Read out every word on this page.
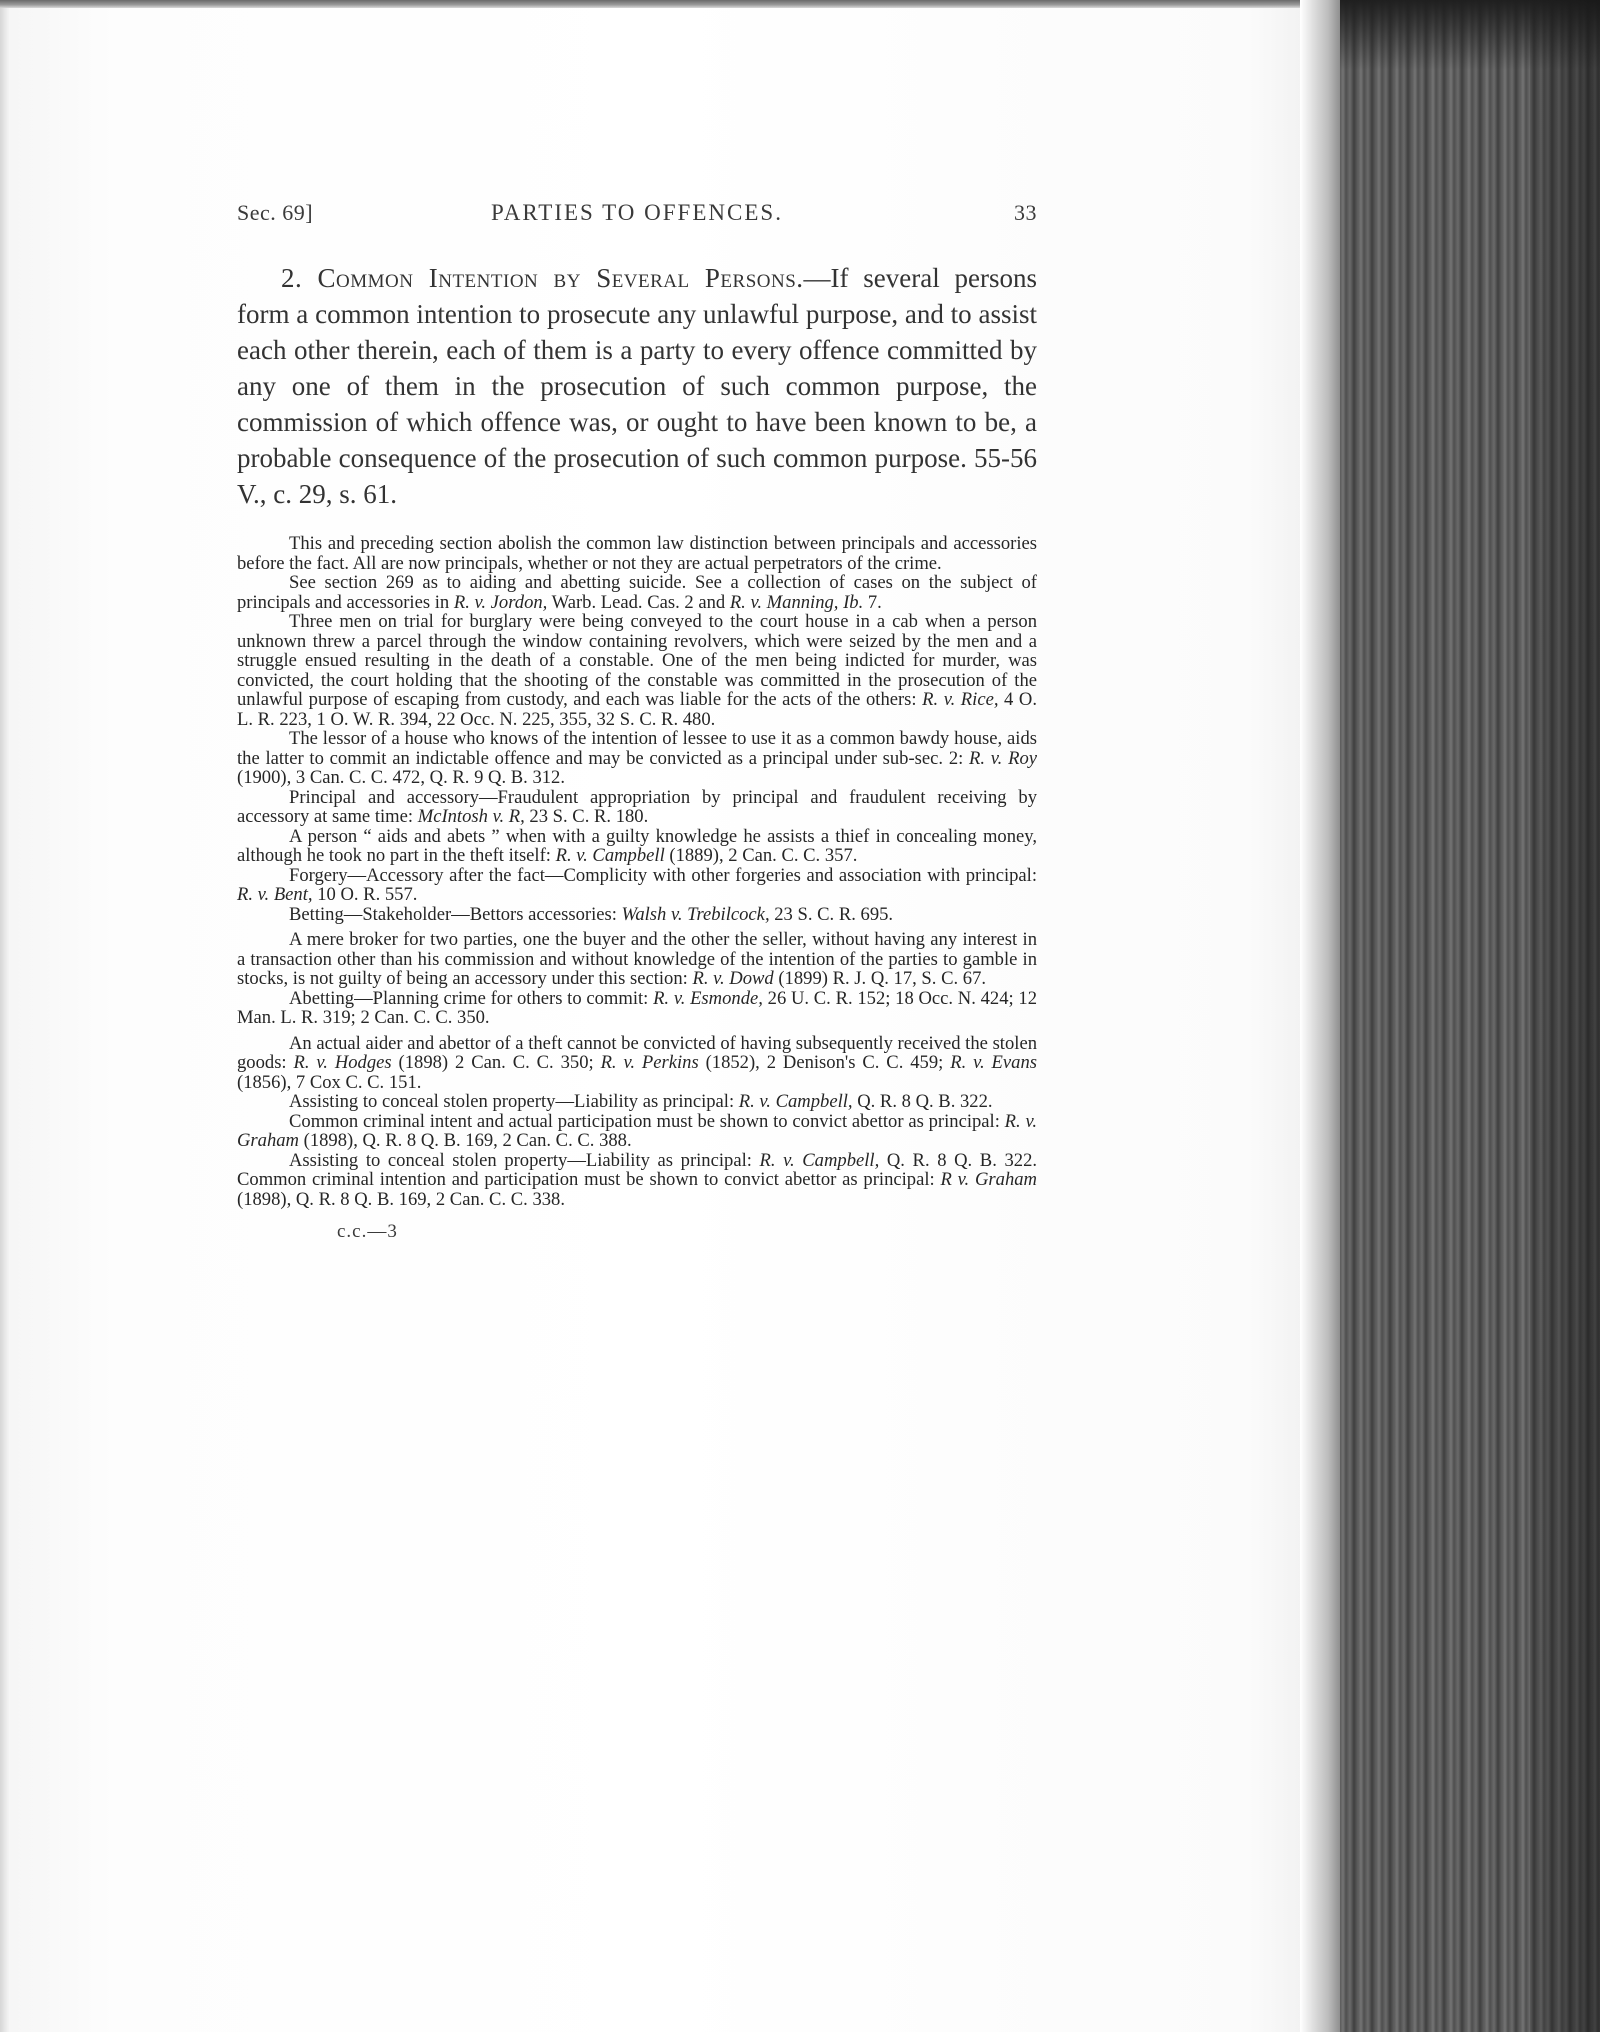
Sec. 69]	PARTIES TO OFFENCES.	33
2. Common Intention by Several Persons.—If several persons form a common intention to prosecute any unlawful purpose, and to assist each other therein, each of them is a party to every offence committed by any one of them in the prosecution of such common purpose, the commission of which offence was, or ought to have been known to be, a probable consequence of the prosecution of such common purpose. 55-56 V., c. 29, s. 61.

This and preceding section abolish the common law distinction between principals and accessories before the fact. All are now principals, whether or not they are actual perpetrators of the crime.

See section 269 as to aiding and abetting suicide. See a collection of cases on the subject of principals and accessories in R. v. Jordon, Warb. Lead. Cas. 2 and R. v. Manning, Ib. 7.

Three men on trial for burglary were being conveyed to the court house in a cab when a person unknown threw a parcel through the window containing revolvers, which were seized by the men and a struggle ensued resulting in the death of a constable. One of the men being indicted for murder, was convicted, the court holding that the shooting of the constable was committed in the prosecution of the unlawful purpose of escaping from custody, and each was liable for the acts of the others: R. v. Rice, 4 O. L. R. 223, 1 O. W. R. 394, 22 Occ. N. 225, 355, 32 S. C. R. 480.

The lessor of a house who knows of the intention of lessee to use it as a common bawdy house, aids the latter to commit an indictable offence and may be convicted as a principal under sub-sec. 2: R. v. Roy (1900), 3 Can. C. C. 472, Q. R. 9 Q. B. 312.

Principal and accessory—Fraudulent appropriation by principal and fraudulent receiving by accessory at same time: McIntosh v. R, 23 S. C. R. 180.

A person “ aids and abets ” when with a guilty knowledge he assists a thief in concealing money, although he took no part in the theft itself: R. v. Campbell (1889), 2 Can. C. C. 357.

Forgery—Accessory after the fact—Complicity with other forgeries and association with principal: R. v. Bent, 10 O. R. 557.

Betting—Stakeholder—Bettors accessories: Walsh v. Trebilcock, 23 S. C. R. 695.

A mere broker for two parties, one the buyer and the other the seller, without having any interest in a transaction other than his commission and without knowledge of the intention of the parties to gamble in stocks, is not guilty of being an accessory under this section: R. v. Dowd (1899) R. J. Q. 17, S. C. 67.

Abetting—Planning crime for others to commit: R. v. Esmonde, 26 U. C. R. 152; 18 Occ. N. 424; 12 Man. L. R. 319; 2 Can. C. C. 350.

An actual aider and abettor of a theft cannot be convicted of having subsequently received the stolen goods: R. v. Hodges (1898) 2 Can. C. C. 350; R. v. Perkins (1852), 2 Denison's C. C. 459; R. v. Evans (1856), 7 Cox C. C. 151.

Assisting to conceal stolen property—Liability as principal: R. v. Campbell, Q. R. 8 Q. B. 322.

Common criminal intent and actual participation must be shown to convict abettor as principal: R. v. Graham (1898), Q. R. 8 Q. B. 169, 2 Can. C. C. 388.

Assisting to conceal stolen property—Liability as principal: R. v. Campbell, Q. R. 8 Q. B. 322. Common criminal intention and participation must be shown to convict abettor as principal: R v. Graham (1898), Q. R. 8 Q. B. 169, 2 Can. C. C. 338.

c.c.—3
